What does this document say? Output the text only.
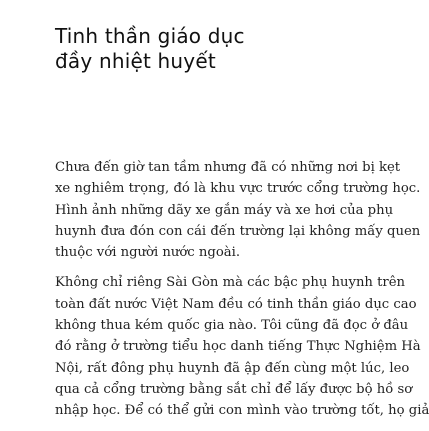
Tinh thần giáo dục
đầy nhiệt huyết

Chưa đến giờ tan tầm nhưng đã có những nơi bị kẹt
xe nghiêm trọng, đó là khu vực trước cổng trường học.
Hình ảnh những dãy xe gắn máy và xe hơi của phụ
huynh đưa đón con cái đến trường lại không mấy quen
thuộc với người nước ngoài.

Không chỉ riêng Sài Gòn mà các bậc phụ huynh trên
toàn đất nước Việt Nam đều có tinh thần giáo dục cao
không thua kém quốc gia nào. Tôi cũng đã đọc ở đâu
đó rằng ở trường tiểu học danh tiếng Thực Nghiệm Hà
Nội, rất đông phụ huynh đã ập đến cùng một lúc, leo
qua cả cổng trường bằng sắt chỉ để lấy được bộ hồ sơ
nhập học. Để có thể gửi con mình vào trường tốt, họ giả
